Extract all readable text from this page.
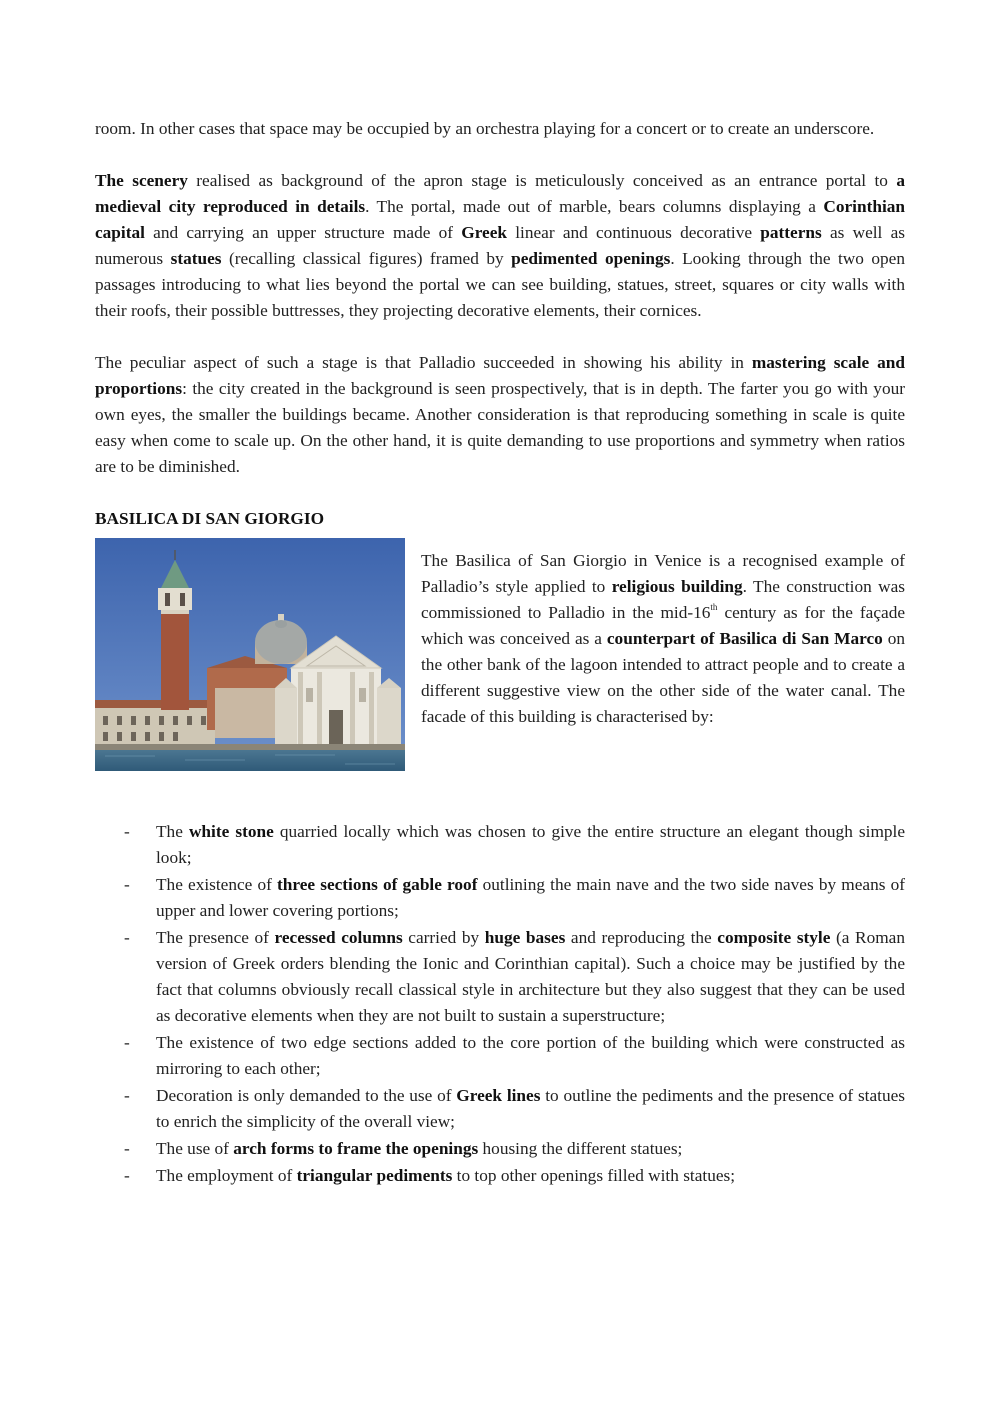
room. In other cases that space may be occupied by an orchestra playing for a concert or to create an underscore.

The scenery realised as background of the apron stage is meticulously conceived as an entrance portal to a medieval city reproduced in details. The portal, made out of marble, bears columns displaying a Corinthian capital and carrying an upper structure made of Greek linear and continuous decorative patterns as well as numerous statues (recalling classical figures) framed by pedimented openings. Looking through the two open passages introducing to what lies beyond the portal we can see building, statues, street, squares or city walls with their roofs, their possible buttresses, they projecting decorative elements, their cornices.

The peculiar aspect of such a stage is that Palladio succeeded in showing his ability in mastering scale and proportions: the city created in the background is seen prospectively, that is in depth. The farter you go with your own eyes, the smaller the buildings became. Another consideration is that reproducing something in scale is quite easy when come to scale up. On the other hand, it is quite demanding to use proportions and symmetry when ratios are to be diminished.

BASILICA DI SAN GIORGIO

The Basilica of San Giorgio in Venice is a recognised example of Palladio’s style applied to religious building. The construction was commissioned to Palladio in the mid-16th century as for the façade which was conceived as a counterpart of Basilica di San Marco on the other bank of the lagoon intended to attract people and to create a different suggestive view on the other side of the water canal. The facade of this building is characterised by:

- The white stone quarried locally which was chosen to give the entire structure an elegant though simple look;
- The existence of three sections of gable roof outlining the main nave and the two side naves by means of upper and lower covering portions;
- The presence of recessed columns carried by huge bases and reproducing the composite style (a Roman version of Greek orders blending the Ionic and Corinthian capital). Such a choice may be justified by the fact that columns obviously recall classical style in architecture but they also suggest that they can be used as decorative elements when they are not built to sustain a superstructure;
- The existence of two edge sections added to the core portion of the building which were constructed as mirroring to each other;
- Decoration is only demanded to the use of Greek lines to outline the pediments and the presence of statues to enrich the simplicity of the overall view;
- The use of arch forms to frame the openings housing the different statues;
- The employment of triangular pediments to top other openings filled with statues;
